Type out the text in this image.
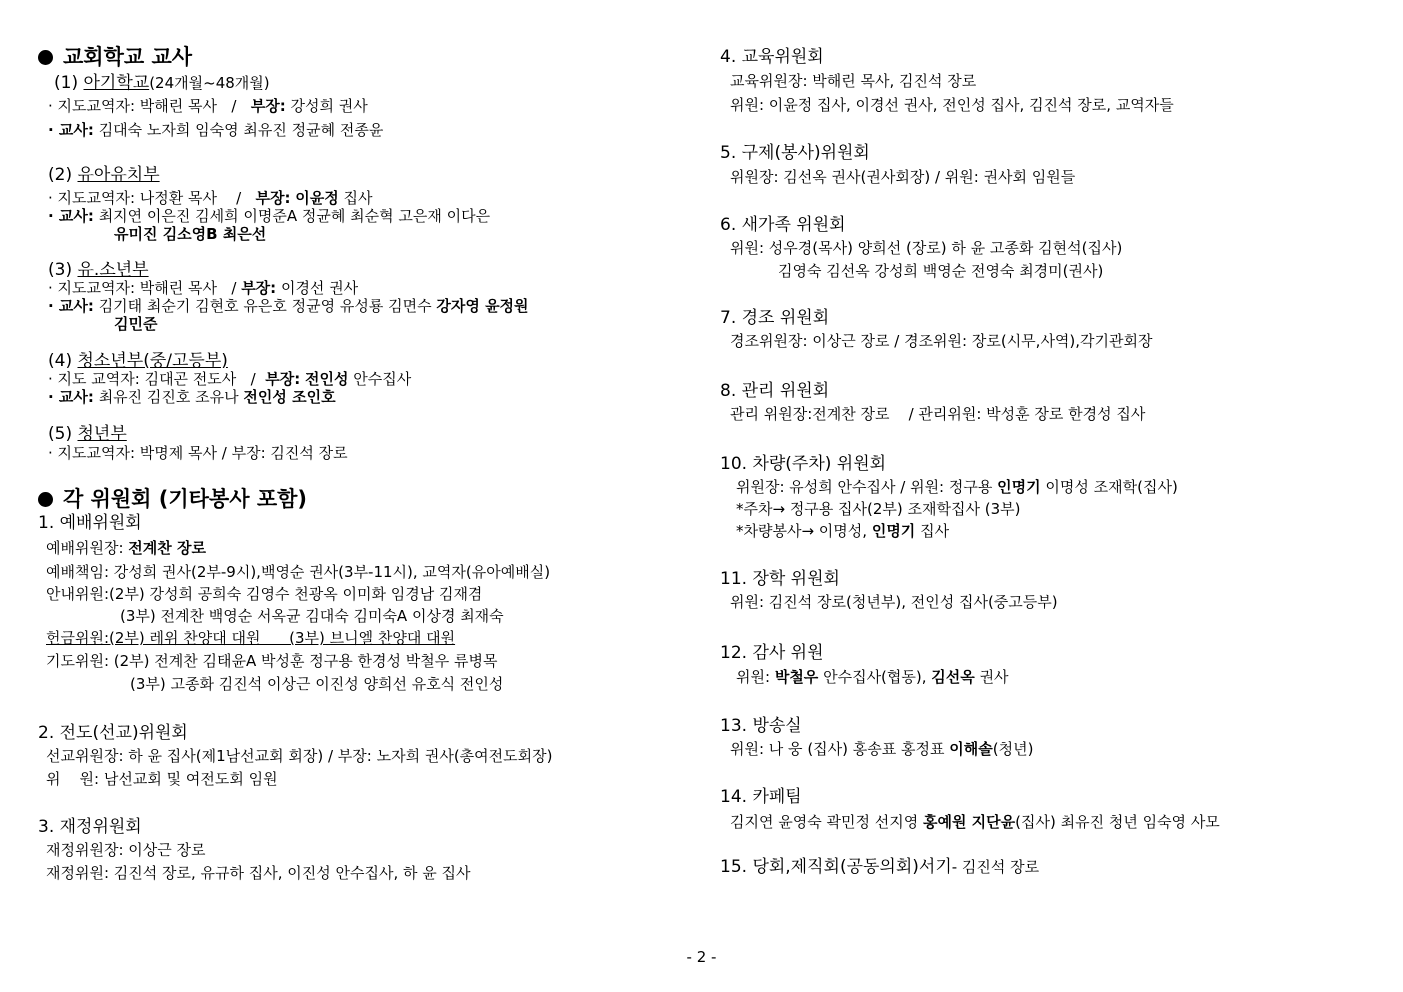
교회학교 교사
(1) 아기학교(24개월~48개월)
· 지도교역자: 박해린 목사 / 부장: 강성희 권사
· 교사: 김대숙 노자희 임숙영 최유진 정균혜 전종윤
(2) 유아유치부
· 지도교역자: 나정환 목사 / 부장: 이윤정 집사
· 교사: 최지연 이은진 김세희 이명준A 정균혜 최순혁 고은재 이다은
유미진 김소영B 최은선
(3) 유.소년부
· 지도교역자: 박해린 목사 / 부장: 이경선 권사
· 교사: 김기태 최순기 김현호 유은호 정균영 유성룡 김면수 강자영 윤정원
김민준
(4) 청소년부(중/고등부)
· 지도 교역자: 김대곤 전도사 / 부장: 전인성 안수집사
· 교사: 최유진 김진호 조유나 전인성 조인호
(5) 청년부
· 지도교역자: 박명제 목사 / 부장: 김진석 장로
각 위원회 (기타봉사 포함)
1. 예배위원회
예배위원장: 전계찬 장로
예배책임: 강성희 권사(2부-9시),백영순 권사(3부-11시), 교역자(유아예배실)
안내위원:(2부) 강성희 공희숙 김영수 천광옥 이미화 임경남 김재겸
(3부) 전계찬 백영순 서옥균 김대숙 김미숙A 이상경 최재숙
헌금위원:(2부) 레위 찬양대 대원      (3부) 브니엘 찬양대 대원
기도위원: (2부) 전계찬 김태윤A 박성훈 정구용 한경성 박철우 류병목
(3부) 고종화 김진석 이상근 이진성 양희선 유호식 전인성
2. 전도(선교)위원회
선교위원장: 하 윤 집사(제1남선교회 회장) / 부장: 노자희 권사(총여전도회장)
위    원: 남선교회 및 여전도회 임원
3. 재정위원회
재정위원장: 이상근 장로
재정위원: 김진석 장로, 유규하 집사, 이진성 안수집사, 하 윤 집사
4. 교육위원회
교육위원장: 박해린 목사, 김진석 장로
위원: 이윤정 집사, 이경선 권사, 전인성 집사, 김진석 장로, 교역자들
5. 구제(봉사)위원회
위원장: 김선옥 권사(권사회장) / 위원: 권사회 임원들
6. 새가족 위원회
위원: 성우경(목사) 양희선 (장로) 하 윤 고종화 김현석(집사)
김영숙 김선옥 강성희 백영순 전영숙 최경미(권사)
7. 경조 위원회
경조위원장: 이상근 장로 / 경조위원: 장로(시무,사역),각기관회장
8. 관리 위원회
관리 위원장:전계찬 장로    / 관리위원: 박성훈 장로 한경성 집사
10. 차량(주차) 위원회
위원장: 유성희 안수집사 / 위원: 정구용 인명기 이명성 조재학(집사)
*주차→ 정구용 집사(2부) 조재학집사 (3부)
*차량봉사→ 이명성, 인명기 집사
11. 장학 위원회
위원: 김진석 장로(청년부), 전인성 집사(중고등부)
12. 감사 위원
위원: 박철우 안수집사(협동), 김선옥 권사
13. 방송실
위원: 나 웅 (집사) 홍송표 홍정표 이해솔(청년)
14. 카페팀
김지연 윤영숙 곽민정 선지영 홍예원 지단윤(집사) 최유진 청년 임숙영 사모
15. 당회,제직회(공동의회)서기- 김진석 장로
- 2 -
